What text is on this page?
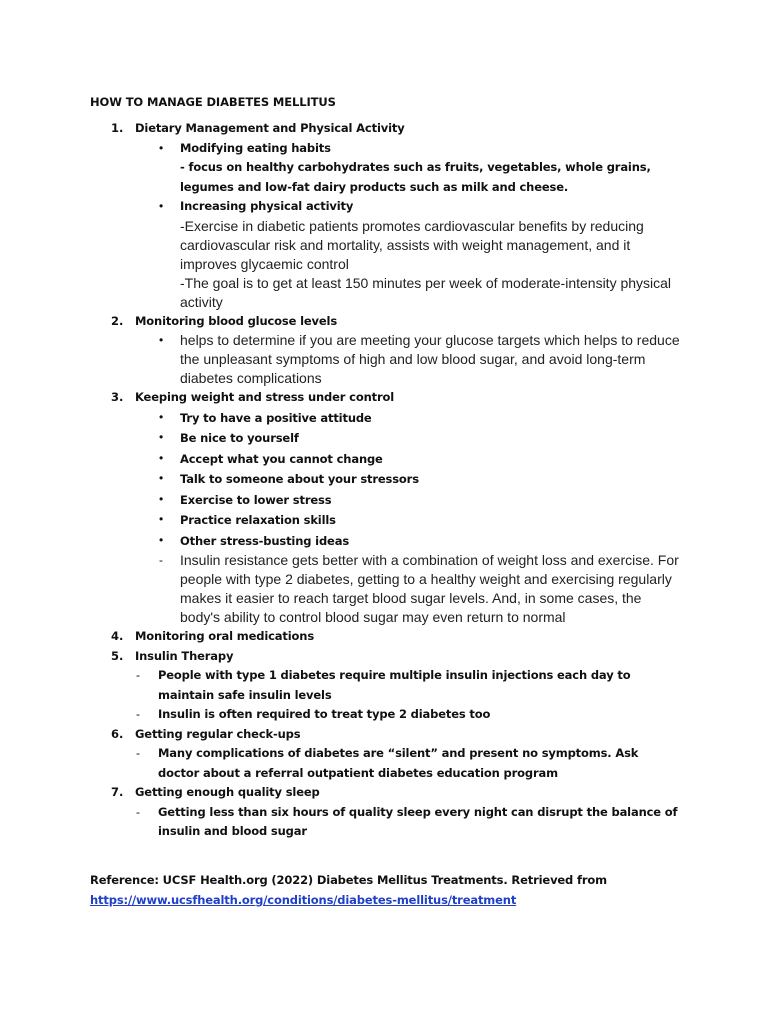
HOW TO MANAGE DIABETES MELLITUS
1. Dietary Management and Physical Activity
• Modifying eating habits
- focus on healthy carbohydrates such as fruits, vegetables, whole grains, legumes and low-fat dairy products such as milk and cheese.
• Increasing physical activity
-Exercise in diabetic patients promotes cardiovascular benefits by reducing cardiovascular risk and mortality, assists with weight management, and it improves glycaemic control
-The goal is to get at least 150 minutes per week of moderate-intensity physical activity
2. Monitoring blood glucose levels
• helps to determine if you are meeting your glucose targets which helps to reduce the unpleasant symptoms of high and low blood sugar, and avoid long-term diabetes complications
3. Keeping weight and stress under control
• Try to have a positive attitude
• Be nice to yourself
• Accept what you cannot change
• Talk to someone about your stressors
• Exercise to lower stress
• Practice relaxation skills
• Other stress-busting ideas
- Insulin resistance gets better with a combination of weight loss and exercise. For people with type 2 diabetes, getting to a healthy weight and exercising regularly makes it easier to reach target blood sugar levels. And, in some cases, the body's ability to control blood sugar may even return to normal
4. Monitoring oral medications
5. Insulin Therapy
- People with type 1 diabetes require multiple insulin injections each day to maintain safe insulin levels
- Insulin is often required to treat type 2 diabetes too
6. Getting regular check-ups
- Many complications of diabetes are “silent” and present no symptoms. Ask doctor about a referral outpatient diabetes education program
7. Getting enough quality sleep
- Getting less than six hours of quality sleep every night can disrupt the balance of insulin and blood sugar
Reference: UCSF Health.org (2022) Diabetes Mellitus Treatments. Retrieved from
https://www.ucsfhealth.org/conditions/diabetes-mellitus/treatment
